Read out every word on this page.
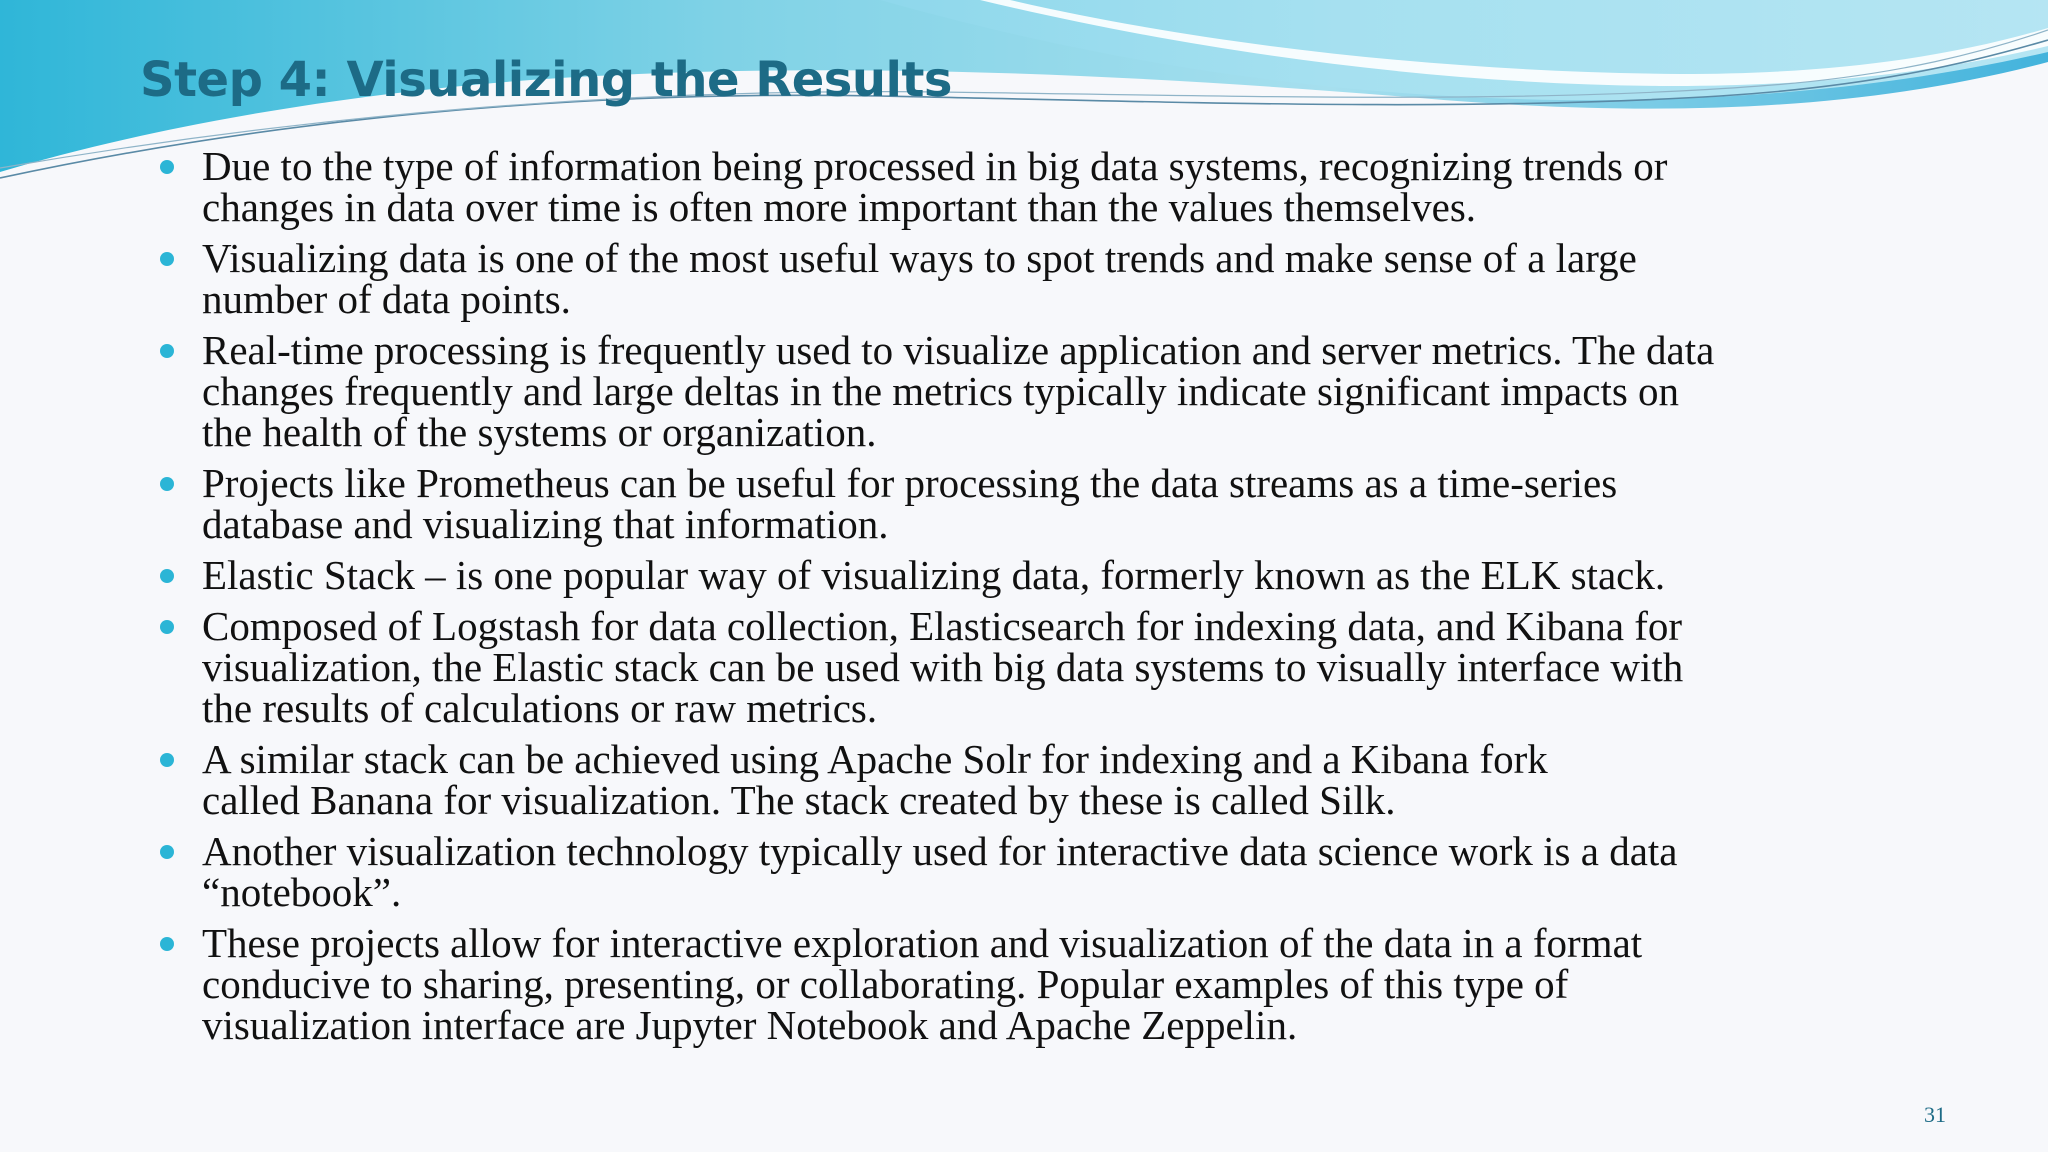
Step 4: Visualizing the Results
Due to the type of information being processed in big data systems, recognizing trends or
changes in data over time is often more important than the values themselves.
Visualizing data is one of the most useful ways to spot trends and make sense of a large
number of data points.
Real-time processing is frequently used to visualize application and server metrics. The data
changes frequently and large deltas in the metrics typically indicate significant impacts on
the health of the systems or organization.
Projects like Prometheus can be useful for processing the data streams as a time-series
database and visualizing that information.
Elastic Stack – is one popular way of visualizing data, formerly known as the ELK stack.
Composed of Logstash for data collection, Elasticsearch for indexing data, and Kibana for
visualization, the Elastic stack can be used with big data systems to visually interface with
the results of calculations or raw metrics.
A similar stack can be achieved using Apache Solr for indexing and a Kibana fork
called Banana for visualization. The stack created by these is called Silk.
Another visualization technology typically used for interactive data science work is a data
“notebook”.
These projects allow for interactive exploration and visualization of the data in a format
conducive to sharing, presenting, or collaborating. Popular examples of this type of
visualization interface are Jupyter Notebook and Apache Zeppelin.
31
